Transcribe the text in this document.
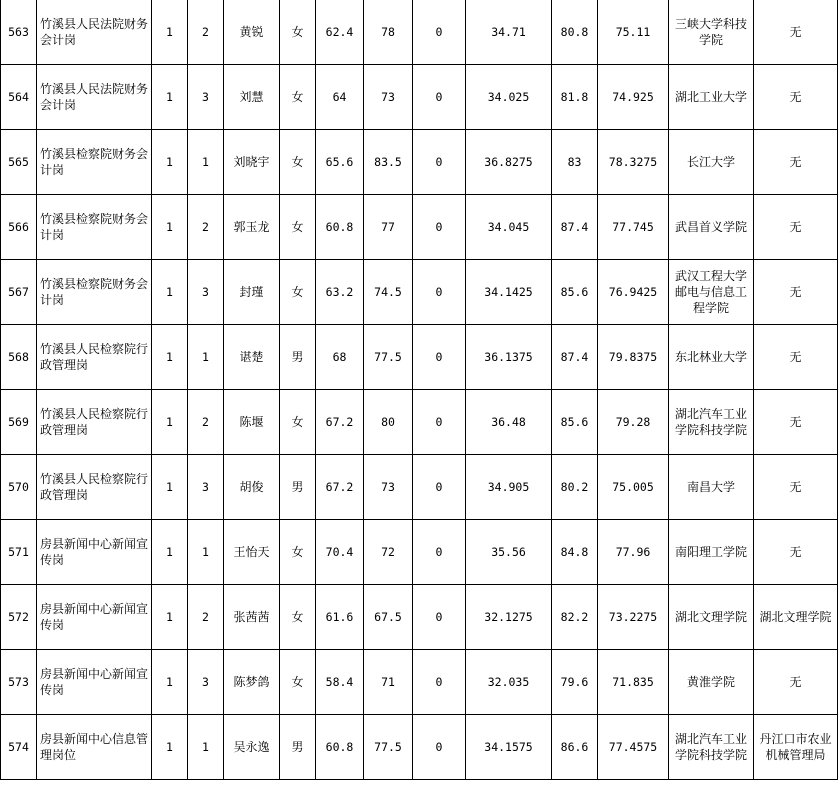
563	竹溪县人民法院财务会计岗	1	2	黄锐	女	62.4	78	0	34.71	80.8	75.11	三峡大学科技学院	无
564	竹溪县人民法院财务会计岗	1	3	刘慧	女	64	73	0	34.025	81.8	74.925	湖北工业大学	无
565	竹溪县检察院财务会计岗	1	1	刘晓宇	女	65.6	83.5	0	36.8275	83	78.3275	长江大学	无
566	竹溪县检察院财务会计岗	1	2	郭玉龙	女	60.8	77	0	34.045	87.4	77.745	武昌首义学院	无
567	竹溪县检察院财务会计岗	1	3	封瑾	女	63.2	74.5	0	34.1425	85.6	76.9425	武汉工程大学邮电与信息工程学院	无
568	竹溪县人民检察院行政管理岗	1	1	谌楚	男	68	77.5	0	36.1375	87.4	79.8375	东北林业大学	无
569	竹溪县人民检察院行政管理岗	1	2	陈堰	女	67.2	80	0	36.48	85.6	79.28	湖北汽车工业学院科技学院	无
570	竹溪县人民检察院行政管理岗	1	3	胡俊	男	67.2	73	0	34.905	80.2	75.005	南昌大学	无
571	房县新闻中心新闻宣传岗	1	1	王怡天	女	70.4	72	0	35.56	84.8	77.96	南阳理工学院	无
572	房县新闻中心新闻宣传岗	1	2	张茜茜	女	61.6	67.5	0	32.1275	82.2	73.2275	湖北文理学院	湖北文理学院
573	房县新闻中心新闻宣传岗	1	3	陈梦鸽	女	58.4	71	0	32.035	79.6	71.835	黄淮学院	无
574	房县新闻中心信息管理岗位	1	1	吴永逸	男	60.8	77.5	0	34.1575	86.6	77.4575	湖北汽车工业学院科技学院	丹江口市农业机械管理局
